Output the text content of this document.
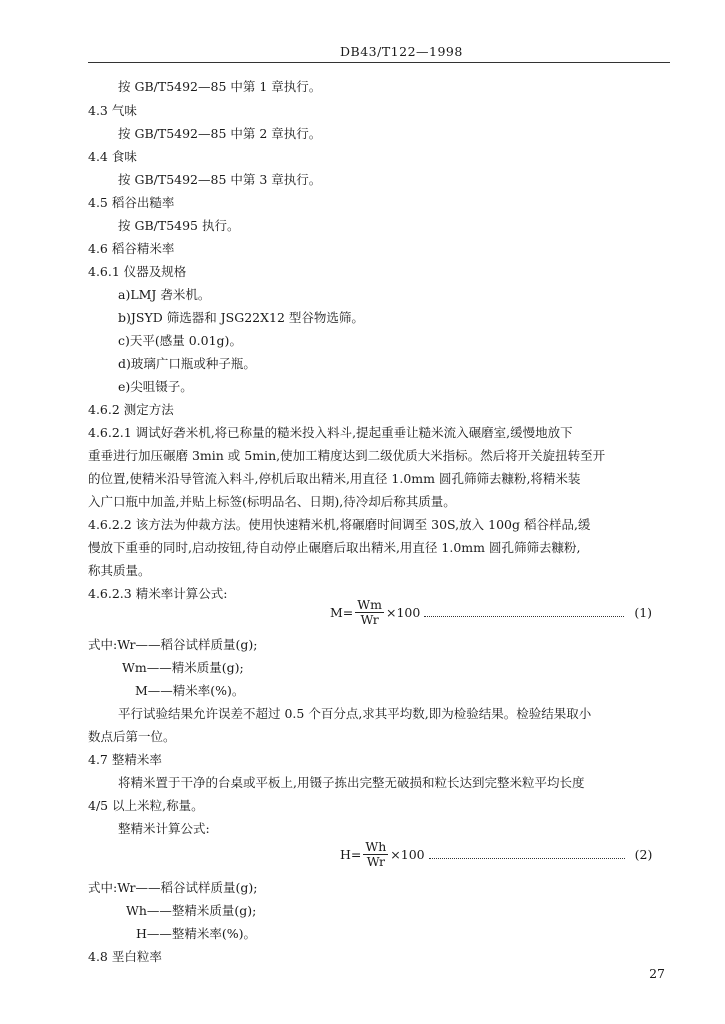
DB43/T122—1998
按 GB/T5492—85 中第 1 章执行。
4.3 气味
按 GB/T5492—85 中第 2 章执行。
4.4 食味
按 GB/T5492—85 中第 3 章执行。
4.5 稻谷出糙率
按 GB/T5495 执行。
4.6 稻谷精米率
4.6.1 仪器及规格
a)LMJ 砻米机。
b)JSYD 筛选器和 JSG22X12 型谷物选筛。
c)天平(感量 0.01g)。
d)玻璃广口瓶或种子瓶。
e)尖咀镊子。
4.6.2 测定方法
4.6.2.1 调试好砻米机,将已称量的糙米投入料斗,提起重垂让糙米流入碾磨室,缓慢地放下
重垂进行加压碾磨 3min 或 5min,使加工精度达到二级优质大米指标。然后将开关旋扭转至开
的位置,使精米沿导管流入料斗,停机后取出精米,用直径 1.0mm 圆孔筛筛去糠粉,将精米装
入广口瓶中加盖,并贴上标签(标明品名、日期),待冷却后称其质量。
4.6.2.2 该方法为仲裁方法。使用快速精米机,将碾磨时间调至 30S,放入 100g 稻谷样品,缓
慢放下重垂的同时,启动按钮,待自动停止碾磨后取出精米,用直径 1.0mm 圆孔筛筛去糠粉,
称其质量。
4.6.2.3 精米率计算公式:
$M= \frac{Wm}{Wr} \times 100$	(1)
式中:Wr——稻谷试样质量(g);
Wm——精米质量(g);
M——精米率(%)。
平行试验结果允许误差不超过 0.5 个百分点,求其平均数,即为检验结果。检验结果取小
数点后第一位。
4.7 整精米率
将精米置于干净的台桌或平板上,用镊子拣出完整无破损和粒长达到完整米粒平均长度
4/5 以上米粒,称量。
整精米计算公式:
$H= \frac{Wh}{Wr} \times 100$	(2)
式中:Wr——稻谷试样质量(g);
Wh——整精米质量(g);
H——整精米率(%)。
4.8 垩白粒率
27
